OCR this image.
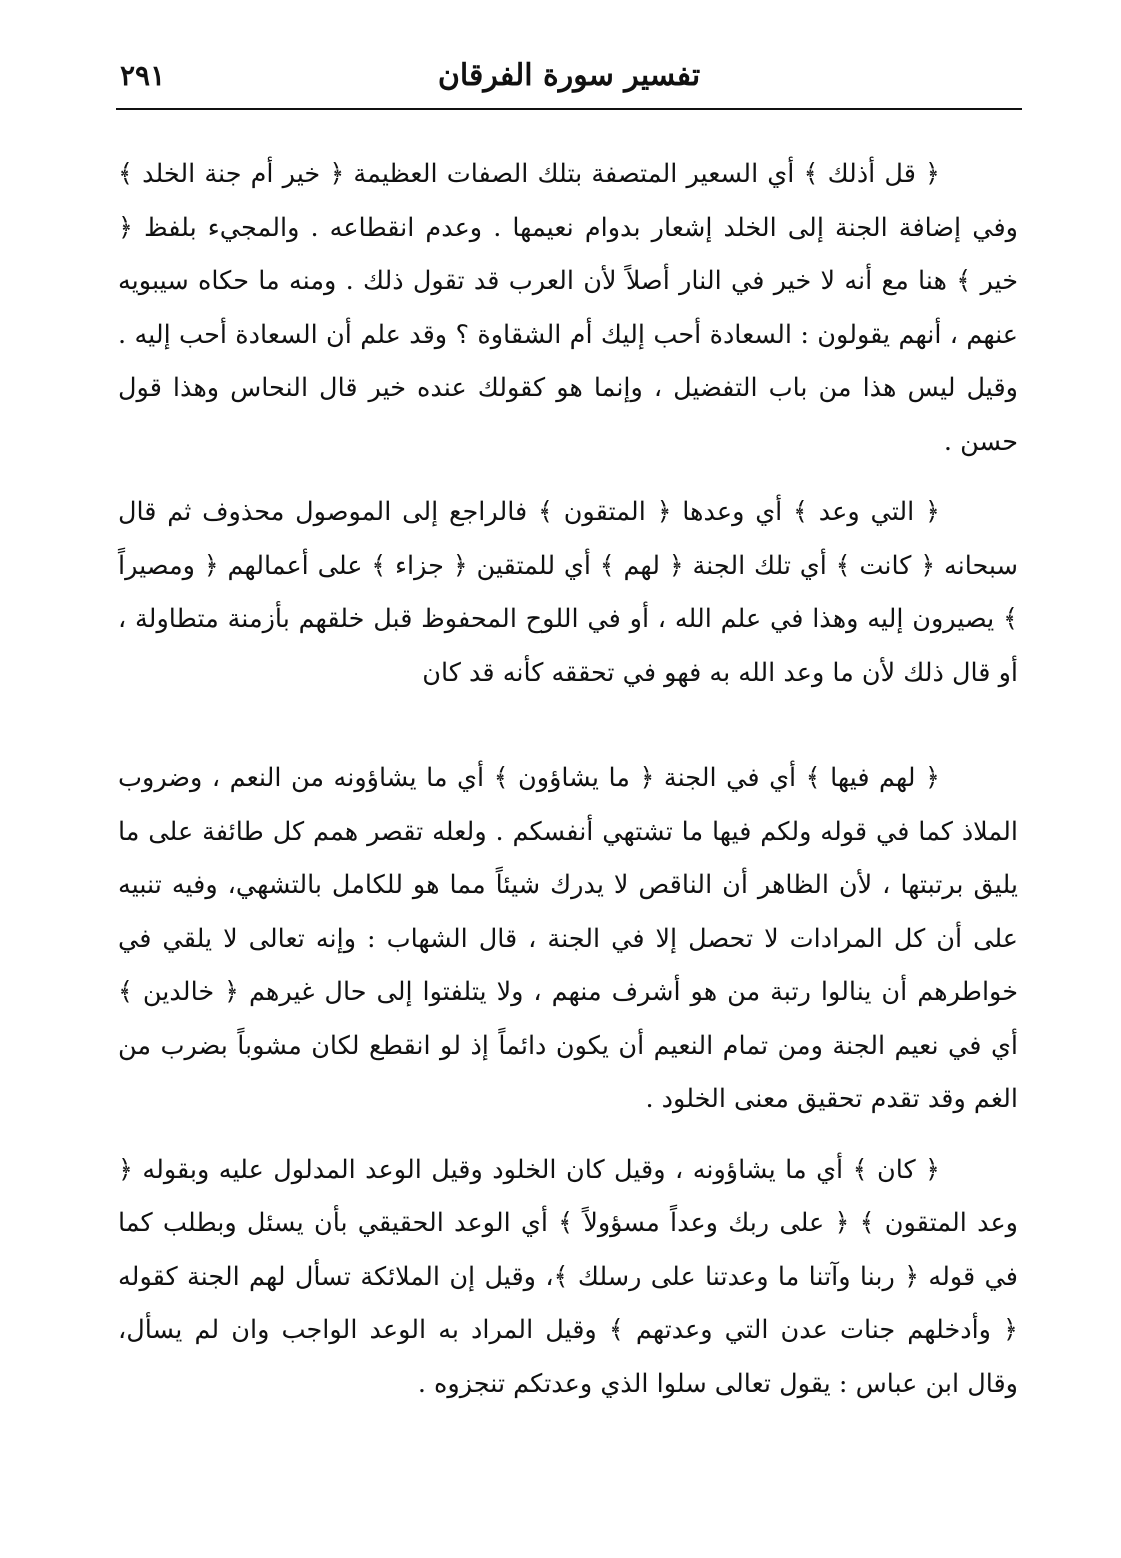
تفسير سورة الفرقان
٢٩١

﴿ قل أذلك ﴾ أي السعير المتصفة بتلك الصفات العظيمة ﴿ خير أم جنة الخلد ﴾ وفي إضافة الجنة إلى الخلد إشعار بدوام نعيمها . وعدم انقطاعه . والمجيء بلفظ ﴿ خير ﴾ هنا مع أنه لا خير في النار أصلاً لأن العرب قد تقول ذلك . ومنه ما حكاه سيبويه عنهم ، أنهم يقولون : السعادة أحب إليك أم الشقاوة ؟ وقد علم أن السعادة أحب إليه . وقيل ليس هذا من باب التفضيل ، وإنما هو كقولك عنده خير قال النحاس وهذا قول حسن .

﴿ التي وعد ﴾ أي وعدها ﴿ المتقون ﴾ فالراجع إلى الموصول محذوف ثم قال سبحانه ﴿ كانت ﴾ أي تلك الجنة ﴿ لهم ﴾ أي للمتقين ﴿ جزاء ﴾ على أعمالهم ﴿ ومصيراً ﴾ يصيرون إليه وهذا في علم الله ، أو في اللوح المحفوظ قبل خلقهم بأزمنة متطاولة ، أو قال ذلك لأن ما وعد الله به فهو في تحققه كأنه قد كان

﴿ لهم فيها ﴾ أي في الجنة ﴿ ما يشاؤون ﴾ أي ما يشاؤونه من النعم ، وضروب الملاذ كما في قوله ولكم فيها ما تشتهي أنفسكم . ولعله تقصر همم كل طائفة على ما يليق برتبتها ، لأن الظاهر أن الناقص لا يدرك شيئاً مما هو للكامل بالتشهي، وفيه تنبيه على أن كل المرادات لا تحصل إلا في الجنة ، قال الشهاب : وإنه تعالى لا يلقي في خواطرهم أن ينالوا رتبة من هو أشرف منهم ، ولا يتلفتوا إلى حال غيرهم ﴿ خالدين ﴾ أي في نعيم الجنة ومن تمام النعيم أن يكون دائماً إذ لو انقطع لكان مشوباً بضرب من الغم وقد تقدم تحقيق معنى الخلود .

﴿ كان ﴾ أي ما يشاؤونه ، وقيل كان الخلود وقيل الوعد المدلول عليه وبقوله ﴿ وعد المتقون ﴾ ﴿ على ربك وعداً مسؤولاً ﴾ أي الوعد الحقيقي بأن يسئل وبطلب كما في قوله ﴿ ربنا وآتنا ما وعدتنا على رسلك ﴾، وقيل إن الملائكة تسأل لهم الجنة كقوله ﴿ وأدخلهم جنات عدن التي وعدتهم ﴾ وقيل المراد به الوعد الواجب وان لم يسأل، وقال ابن عباس : يقول تعالى سلوا الذي وعدتكم تنجزوه .
